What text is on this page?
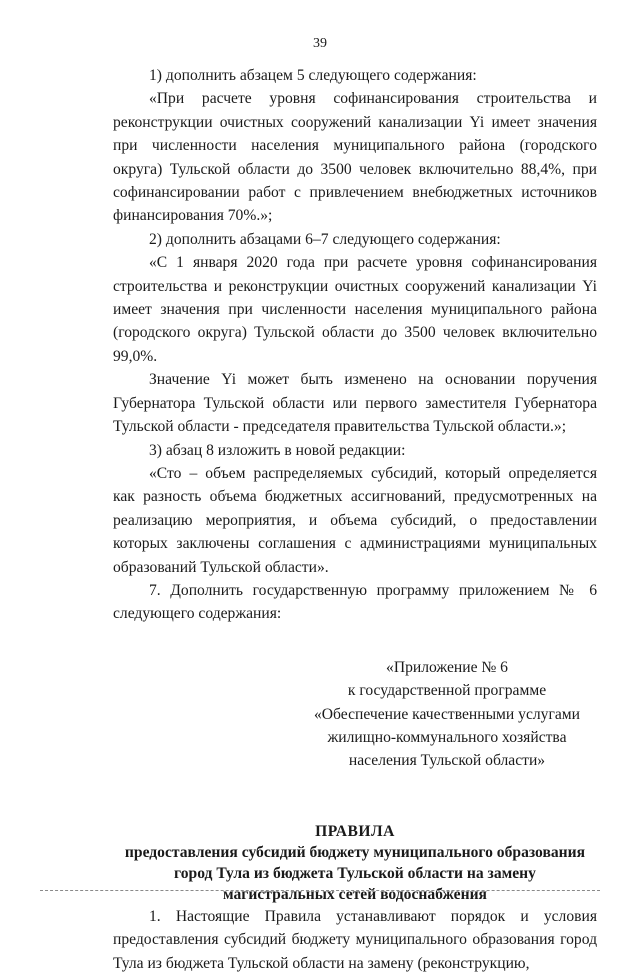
39

1) дополнить абзацем 5 следующего содержания:

«При расчете уровня софинансирования строительства и реконструкции очистных сооружений канализации Yi имеет значения при численности населения муниципального района (городского округа) Тульской области до 3500 человек включительно 88,4%, при софинансировании работ с привлечением внебюджетных источников финансирования 70%.»;

2) дополнить абзацами 6–7 следующего содержания:

«С 1 января 2020 года при расчете уровня софинансирования строительства и реконструкции очистных сооружений канализации Yi имеет значения при численности населения муниципального района (городского округа) Тульской области до 3500 человек включительно 99,0%.

Значение Yi может быть изменено на основании поручения Губернатора Тульской области или первого заместителя Губернатора Тульской области - председателя правительства Тульской области.»;

3) абзац 8 изложить в новой редакции:

«Сто – объем распределяемых субсидий, который определяется как разность объема бюджетных ассигнований, предусмотренных на реализацию мероприятия, и объема субсидий, о предоставлении которых заключены соглашения с администрациями муниципальных образований Тульской области».

7. Дополнить государственную программу приложением № 6 следующего содержания:

«Приложение № 6
к государственной программе
«Обеспечение качественными услугами
жилищно-коммунального хозяйства
населения Тульской области»
ПРАВИЛА
предоставления субсидий бюджету муниципального образования
город Тула из бюджета Тульской области на замену
магистральных сетей водоснабжения

1. Настоящие Правила устанавливают порядок и условия предоставления субсидий бюджету муниципального образования город Тула из бюджета Тульской области на замену (реконструкцию,
